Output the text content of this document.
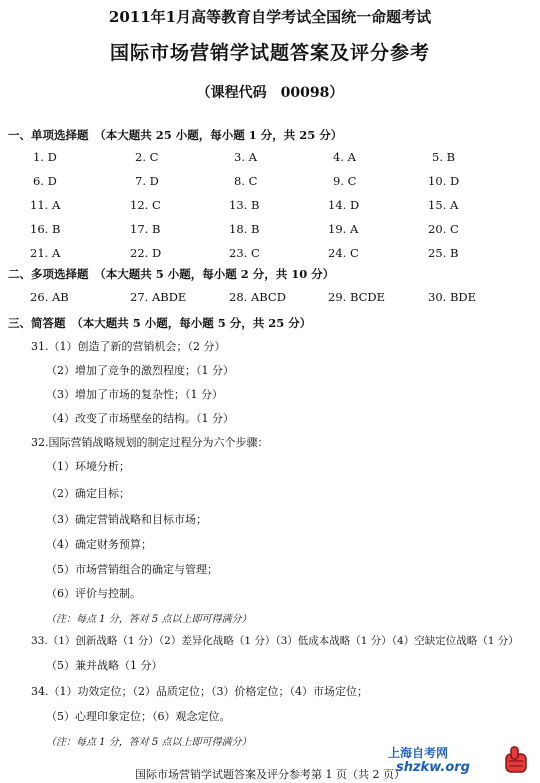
2011年1月高等教育自学考试全国统一命题考试
国际市场营销学试题答案及评分参考
（课程代码　00098）
一、单项选择题　（本大题共 25 小题，每小题 1 分，共 25 分）
1. D	2. C	3. A	4. A	5. B
6. D	7. D	8. C	9. C	10. D
11. A	12. C	13. B	14. D	15. A
16. B	17. B	18. B	19. A	20. C
21. A	22. D	23. C	24. C	25. B
二、多项选择题　（本大题共 5 小题，每小题 2 分，共 10 分）
26. AB	27. ABDE	28. ABCD	29. BCDE	30. BDE
三、简答题　（本大题共 5 小题，每小题 5 分，共 25 分）
31.（1）创造了新的营销机会；（2 分）
（2）增加了竞争的激烈程度；（1 分）
（3）增加了市场的复杂性；（1 分）
（4）改变了市场壁垒的结构。（1 分）
32.国际营销战略规划的制定过程分为六个步骤：
（1）环境分析；
（2）确定目标；
（3）确定营销战略和目标市场；
（4）确定财务预算；
（5）市场营销组合的确定与管理；
（6）评价与控制。
（注：每点 1 分，答对 5 点以上即可得满分）
33.（1）创新战略（1 分）（2）差异化战略（1 分）（3）低成本战略（1 分）（4）空缺定位战略（1 分）
（5）兼并战略（1 分）
34.（1）功效定位；（2）品质定位；（3）价格定位；（4）市场定位；
（5）心理印象定位；（6）观念定位。
（注：每点 1 分，答对 5 点以上即可得满分）
国际市场营销学试题答案及评分参考第 1 页（共 2 页）
上海自考网
shzkw.org
